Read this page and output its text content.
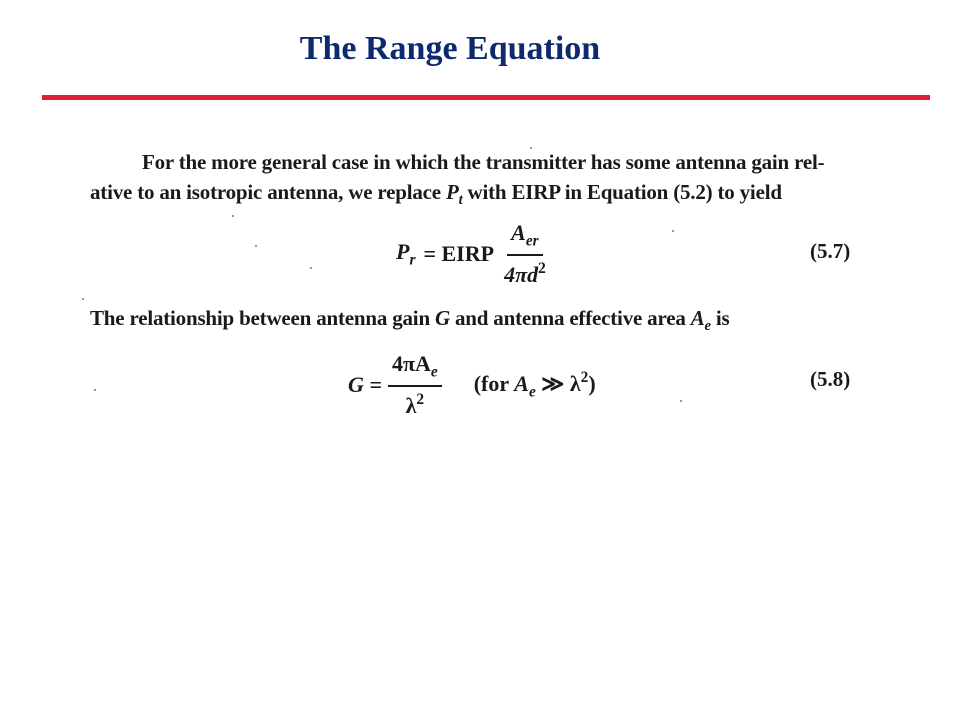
The Range Equation
For the more general case in which the transmitter has some antenna gain rel-
ative to an isotropic antenna, we replace $P_t$ with EIRP in Equation (5.2) to yield
$P_r$ = EIRP $\frac{A_{er}}{4\pi d^2}$	(5.7)
The relationship between antenna gain G and antenna effective area $A_e$ is
$G = \frac{4\pi A_e}{\lambda^2} (for$ $A_e$ ≫ $\lambda^2$)	(5.8)
